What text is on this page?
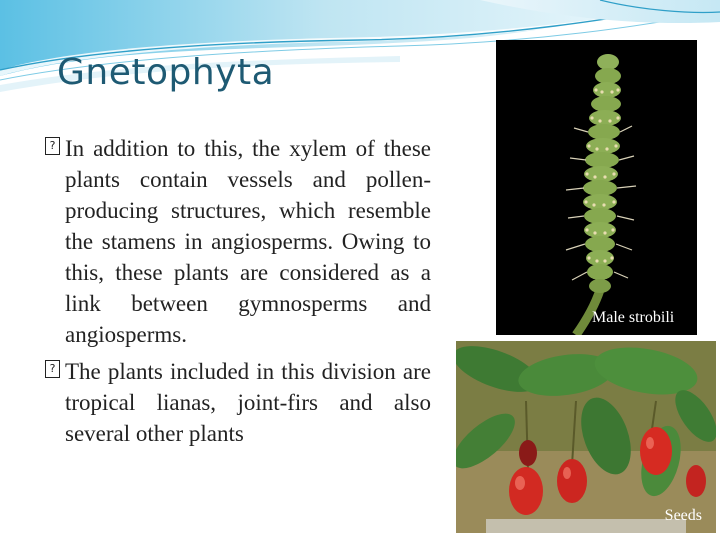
Gnetophyta
? In addition to this, the xylem of these plants contain vessels and pollen-producing structures, which resemble the stamens in angiosperms. Owing to this, these plants are considered as a link between gymnosperms and angiosperms.
? The plants included in this division are tropical lianas, joint-firs and also several other plants
Male strobili
Seeds
